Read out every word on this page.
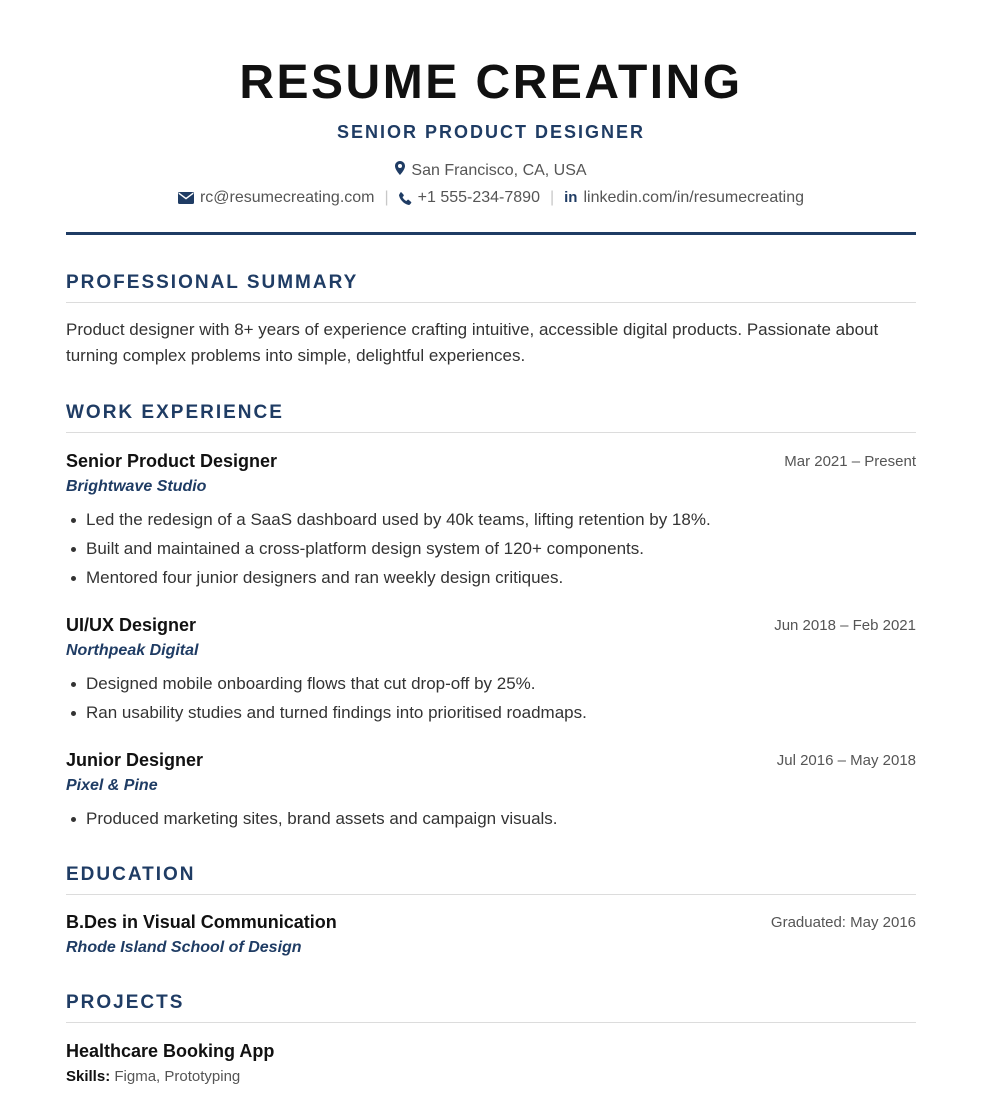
RESUME CREATING
SENIOR PRODUCT DESIGNER
San Francisco, CA, USA
rc@resumecreating.com | +1 555-234-7890 | in linkedin.com/in/resumecreating
PROFESSIONAL SUMMARY
Product designer with 8+ years of experience crafting intuitive, accessible digital products. Passionate about turning complex problems into simple, delightful experiences.
WORK EXPERIENCE
Senior Product Designer	Mar 2021 – Present
Brightwave Studio
Led the redesign of a SaaS dashboard used by 40k teams, lifting retention by 18%.
Built and maintained a cross-platform design system of 120+ components.
Mentored four junior designers and ran weekly design critiques.
UI/UX Designer	Jun 2018 – Feb 2021
Northpeak Digital
Designed mobile onboarding flows that cut drop-off by 25%.
Ran usability studies and turned findings into prioritised roadmaps.
Junior Designer	Jul 2016 – May 2018
Pixel & Pine
Produced marketing sites, brand assets and campaign visuals.
EDUCATION
B.Des in Visual Communication	Graduated: May 2016
Rhode Island School of Design
PROJECTS
Healthcare Booking App
Skills: Figma, Prototyping
